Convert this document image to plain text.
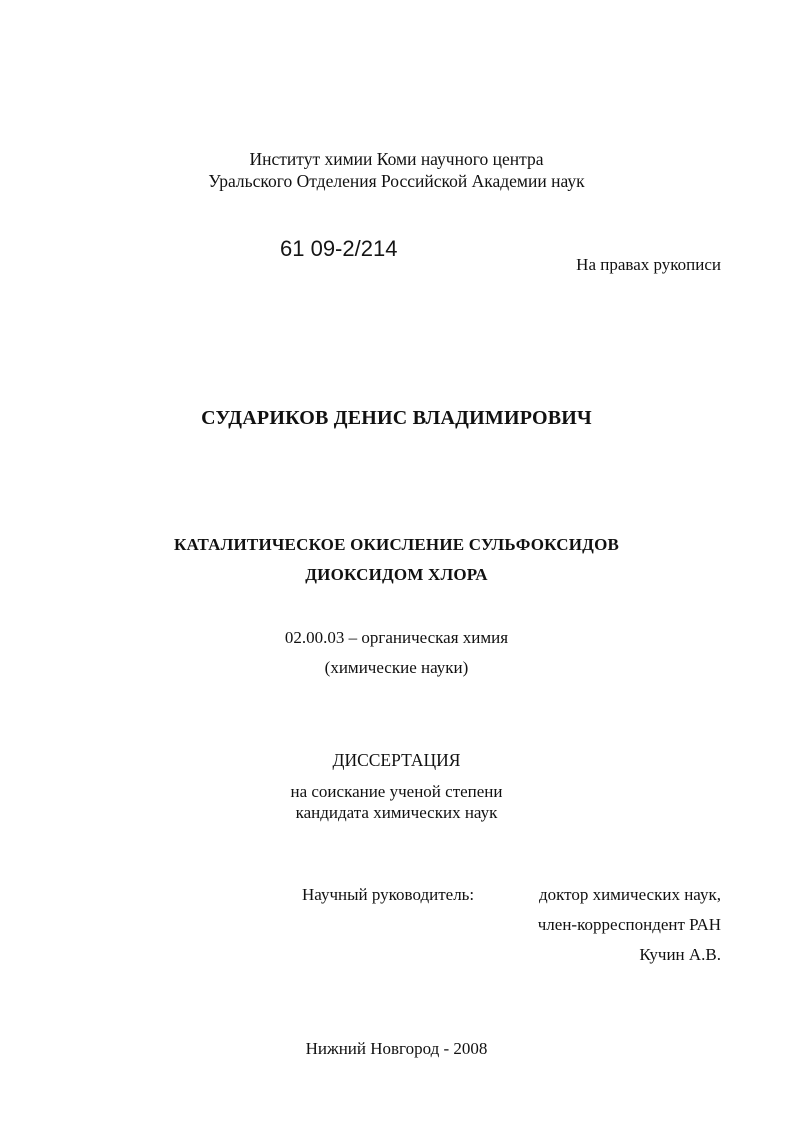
Институт химии Коми научного центра
Уральского Отделения Российской Академии наук
61 09-2/214
На правах рукописи
СУДАРИКОВ ДЕНИС ВЛАДИМИРОВИЧ
КАТАЛИТИЧЕСКОЕ ОКИСЛЕНИЕ СУЛЬФОКСИДОВ
ДИОКСИДОМ ХЛОРА
02.00.03 – органическая химия
(химические науки)
ДИССЕРТАЦИЯ
на соискание ученой степени
кандидата химических наук
Научный руководитель:	доктор химических наук,
член-корреспондент РАН
Кучин А.В.
Нижний Новгород - 2008
